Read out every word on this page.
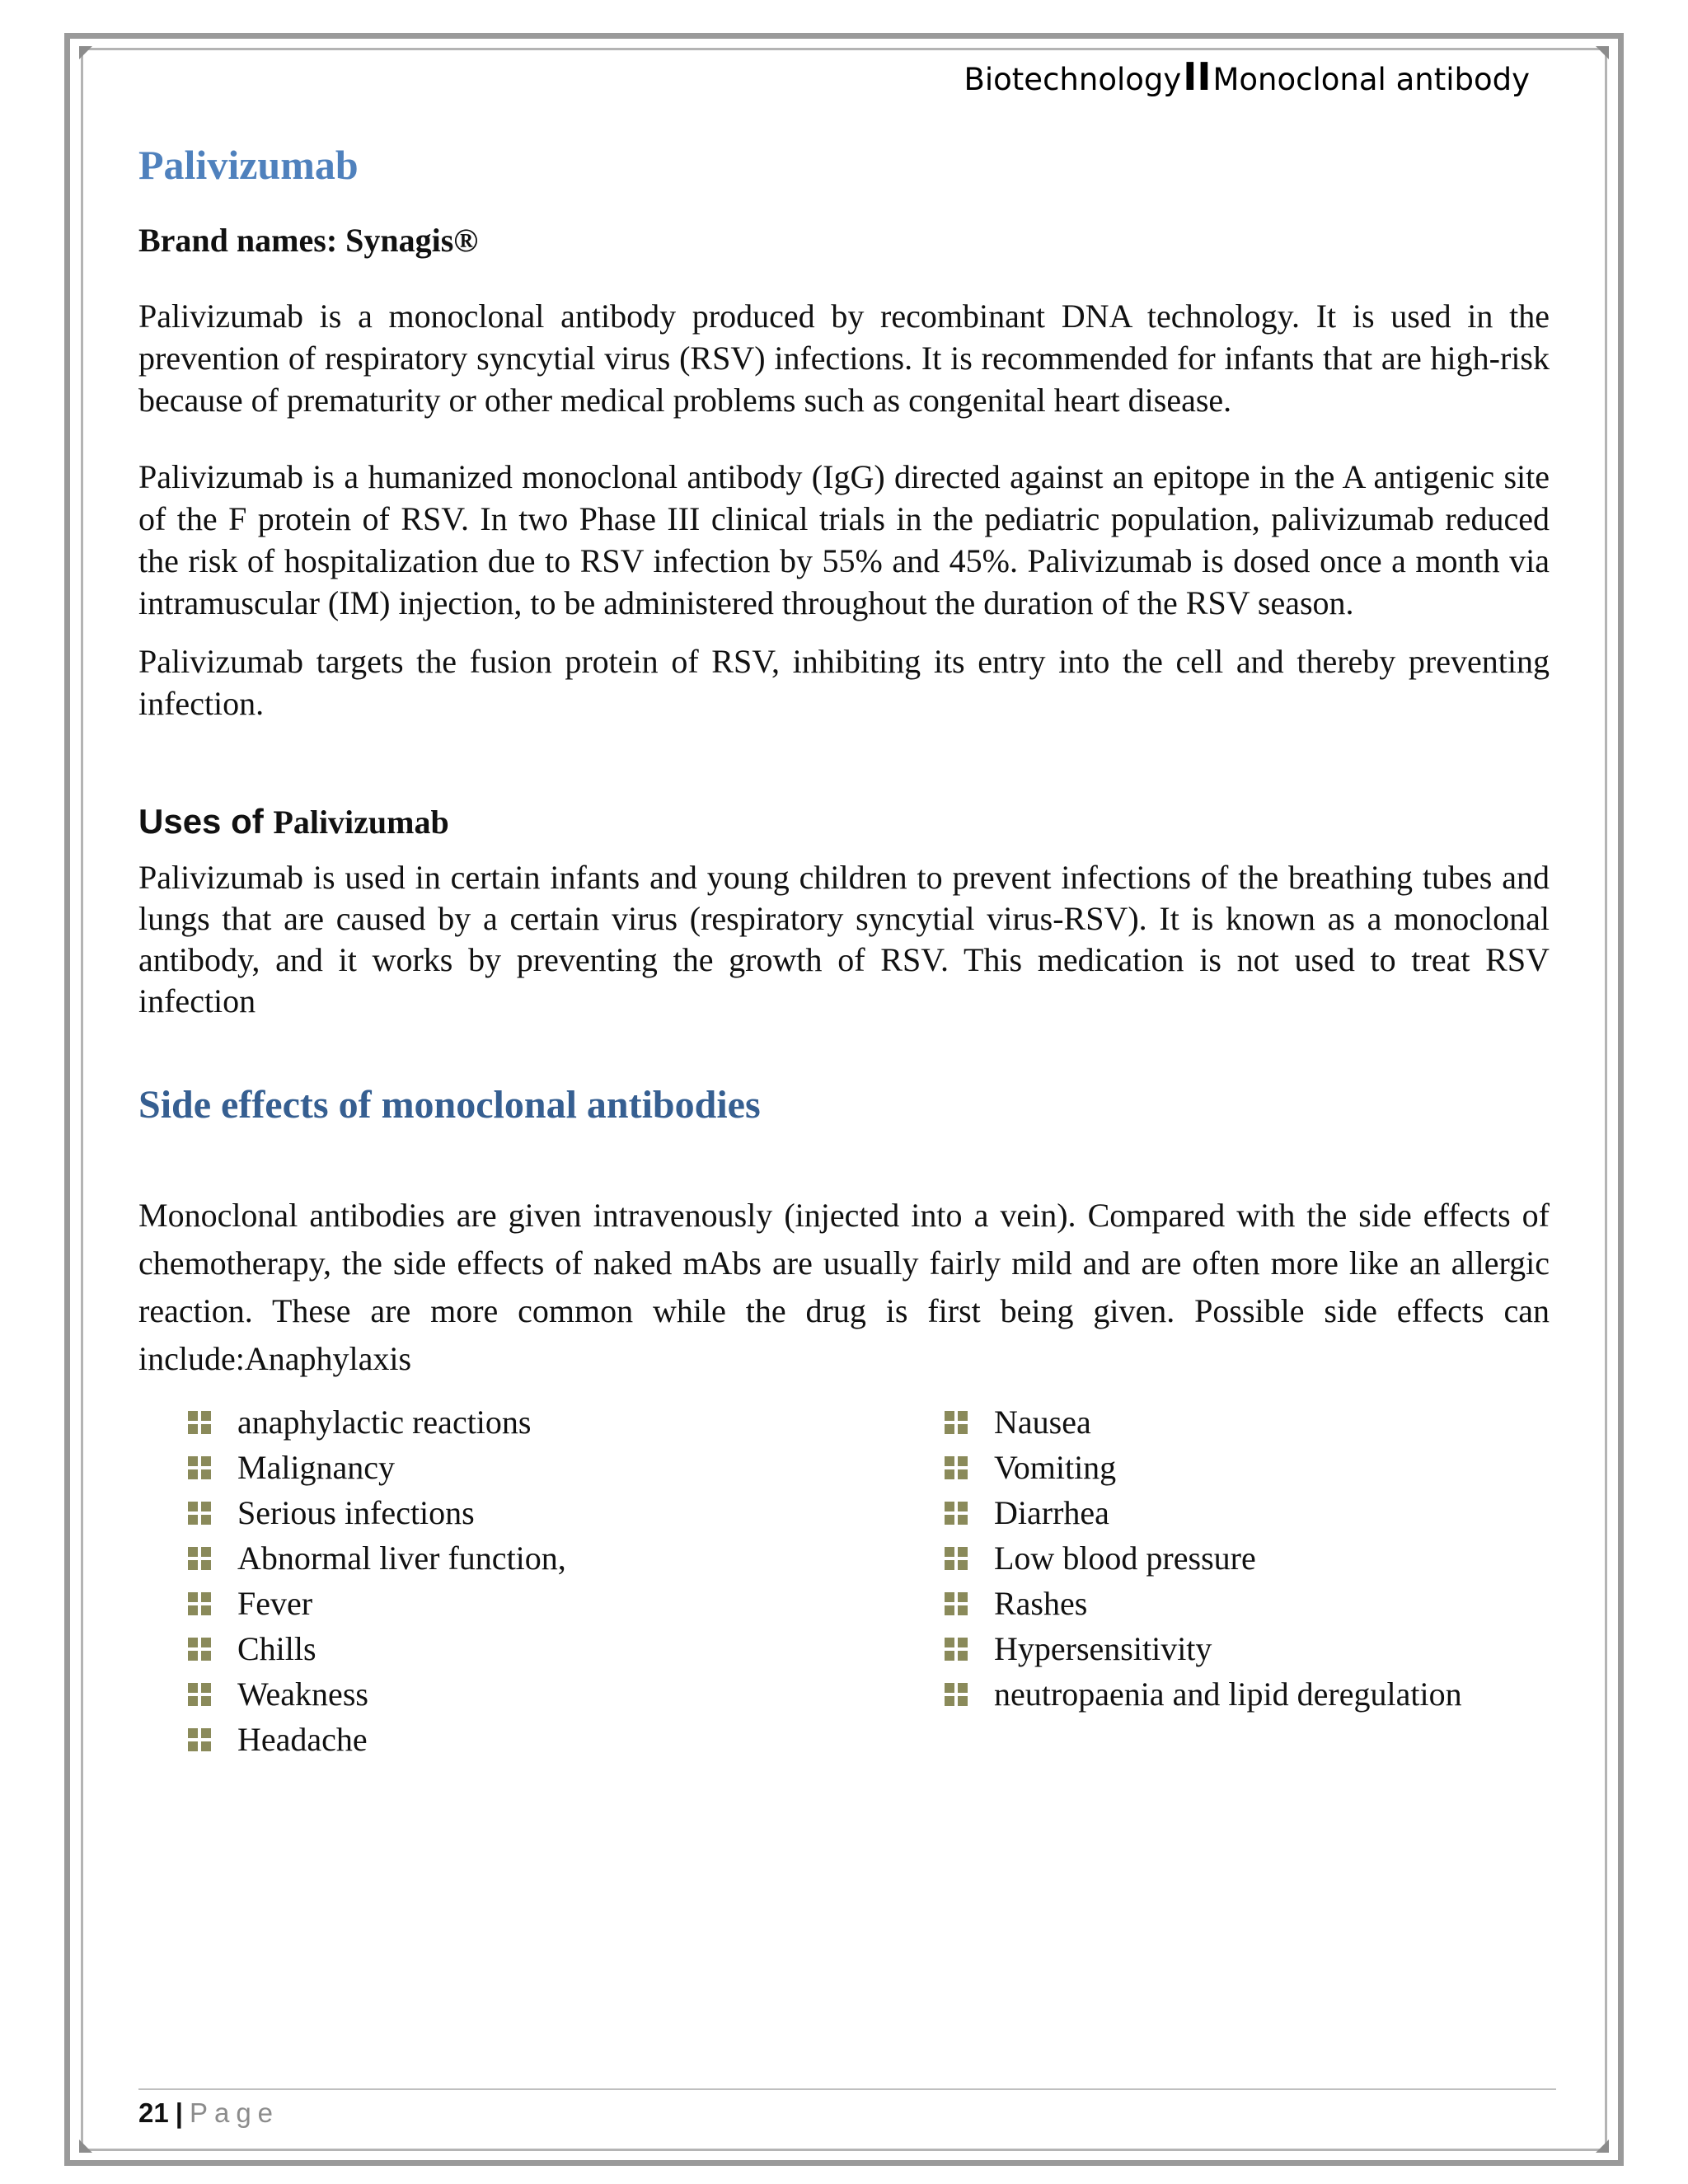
BiotechnologyIIMonoclonal antibody
Palivizumab
Brand names: Synagis®

Palivizumab is a monoclonal antibody produced by recombinant DNA technology. It is used in the prevention of respiratory syncytial virus (RSV) infections. It is recommended for infants that are high-risk because of prematurity or other medical problems such as congenital heart disease.

Palivizumab is a humanized monoclonal antibody (IgG) directed against an epitope in the A antigenic site of the F protein of RSV. In two Phase III clinical trials in the pediatric population, palivizumab reduced the risk of hospitalization due to RSV infection by 55% and 45%. Palivizumab is dosed once a month via intramuscular (IM) injection, to be administered throughout the duration of the RSV season.

Palivizumab targets the fusion protein of RSV, inhibiting its entry into the cell and thereby preventing infection.

Uses of Palivizumab

Palivizumab is used in certain infants and young children to prevent infections of the breathing tubes and lungs that are caused by a certain virus (respiratory syncytial virus-RSV). It is known as a monoclonal antibody, and it works by preventing the growth of RSV. This medication is not used to treat RSV infection

Side effects of monoclonal antibodies

Monoclonal antibodies are given intravenously (injected into a vein). Compared with the side effects of chemotherapy, the side effects of naked mAbs are usually fairly mild and are often more like an allergic reaction. These are more common while the drug is first being given. Possible side effects can include:Anaphylaxis

anaphylactic reactions
Malignancy
Serious infections
Abnormal liver function,
Fever
Chills
Weakness
Headache
Nausea
Vomiting
Diarrhea
Low blood pressure
Rashes
Hypersensitivity
neutropaenia and lipid deregulation
21 | Page
